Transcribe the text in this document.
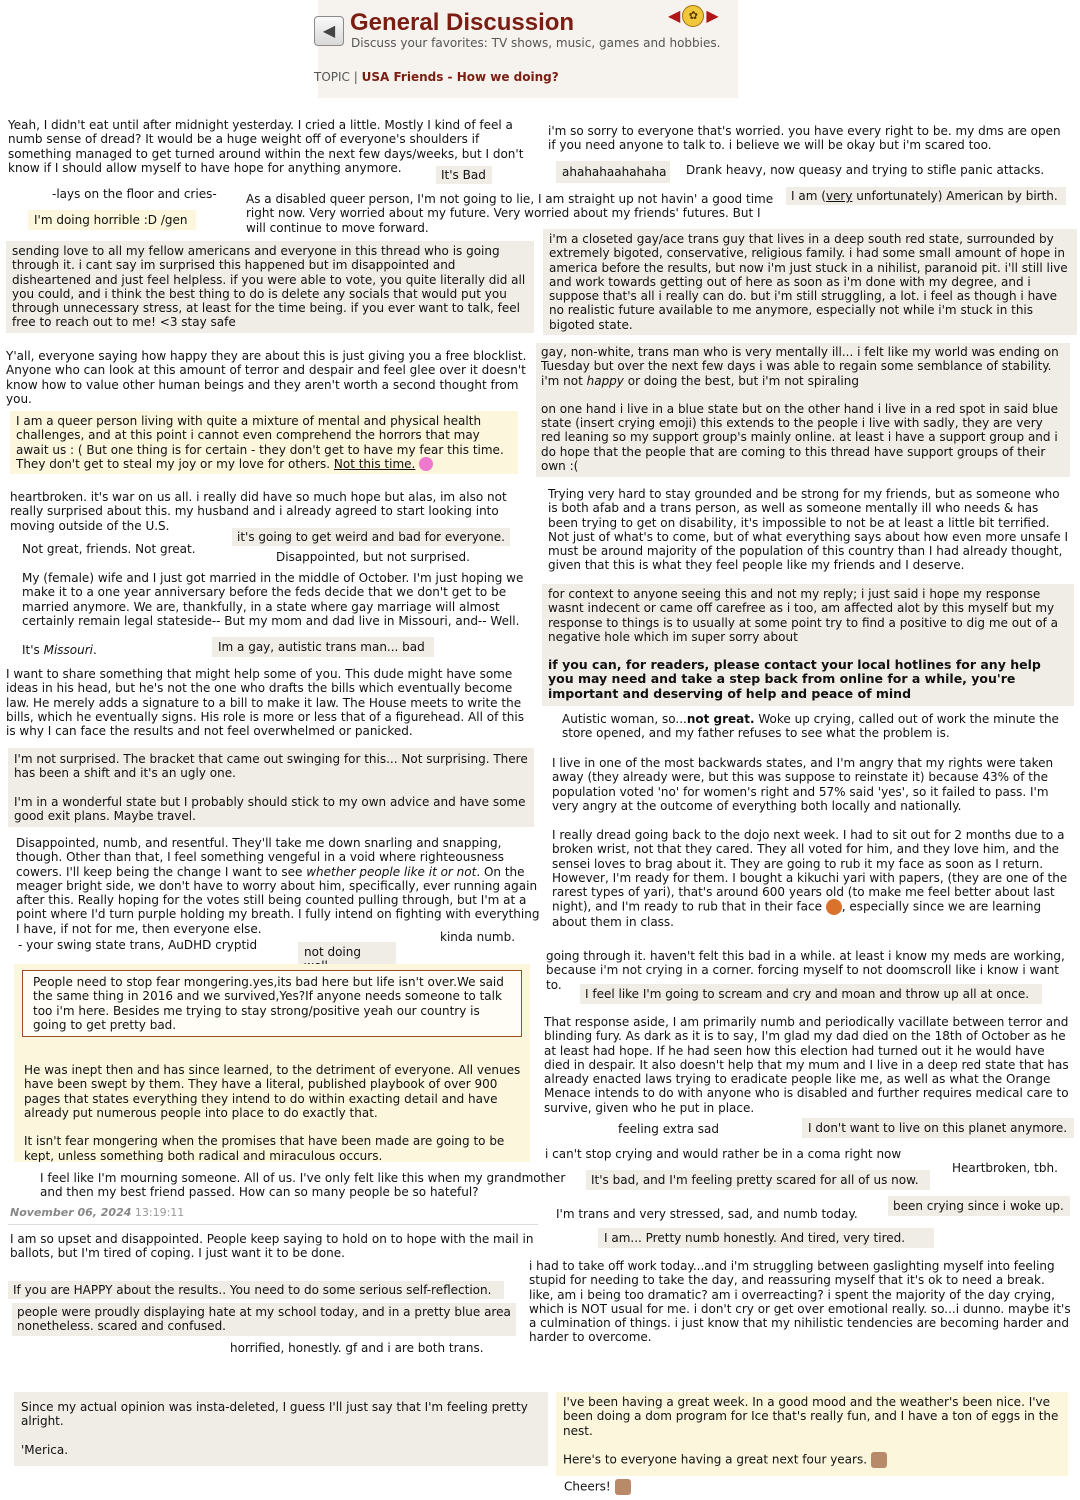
◀ General Discussion
Discuss your favorites: TV shows, music, games and hobbies.
◀ ✿ ▶
TOPIC | USA Friends - How we doing?

Yeah, I didn't eat until after midnight yesterday. I cried a little. Mostly I kind of feel a numb sense of dread? It would be a huge weight off of everyone's shoulders if something managed to get turned around within the next few days/weeks, but I don't know if I should allow myself to have hope for anything anymore.

i'm so sorry to everyone that's worried. you have every right to be. my dms are open if you need anyone to talk to. i believe we will be okay but i'm scared too.

It's Bad	ahahahaahahaha Drank heavy, now queasy and trying to stifle panic attacks.

-lays on the floor and cries-	As a disabled queer person, I'm not going to lie, I am straight up not havin' a good time right now. Very worried about my future. Very worried about my friends' futures. But I will continue to move forward.

I am (very unfortunately) American by birth.

I'm doing horrible :D /gen

sending love to all my fellow americans and everyone in this thread who is going through it. i cant say im surprised this happened but im disappointed and disheartened and just feel helpless. if you were able to vote, you quite literally did all you could, and i think the best thing to do is delete any socials that would put you through unnecessary stress, at least for the time being. if you ever want to talk, feel free to reach out to me! <3 stay safe

i'm a closeted gay/ace trans guy that lives in a deep south red state, surrounded by extremely bigoted, conservative, religious family. i had some small amount of hope in america before the results, but now i'm just stuck in a nihilist, paranoid pit. i'll still live and work towards getting out of here as soon as i'm done with my degree, and i suppose that's all i really can do. but i'm still struggling, a lot. i feel as though i have no realistic future available to me anymore, especially not while i'm stuck in this bigoted state.

Y'all, everyone saying how happy they are about this is just giving you a free blocklist. Anyone who can look at this amount of terror and despair and feel glee over it doesn't know how to value other human beings and they aren't worth a second thought from you.

gay, non-white, trans man who is very mentally ill... i felt like my world was ending on Tuesday but over the next few days i was able to regain some semblance of stability. i'm not happy or doing the best, but i'm not spiraling

on one hand i live in a blue state but on the other hand i live in a red spot in said blue state (insert crying emoji) this extends to the people i live with sadly, they are very red leaning so my support group's mainly online. at least i have a support group and i do hope that the people that are coming to this thread have support groups of their own :(

I am a queer person living with quite a mixture of mental and physical health challenges, and at this point i cannot even comprehend the horrors that may await us : ( But one thing is for certain - they don't get to have my fear this time. They don't get to steal my joy or my love for others. Not this time.

heartbroken. it's war on us all. i really did have so much hope but alas, im also not really surprised about this. my husband and i already agreed to start looking into moving outside of the U.S.

Trying very hard to stay grounded and be strong for my friends, but as someone who is both afab and a trans person, as well as someone mentally ill who needs & has been trying to get on disability, it's impossible to not be at least a little bit terrified. Not just of what's to come, but of what everything says about how even more unsafe I must be around majority of the population of this country than I had already thought, given that this is what they feel people like my friends and I deserve.

it's going to get weird and bad for everyone.

Not great, friends. Not great.

Disappointed, but not surprised.

My (female) wife and I just got married in the middle of October. I'm just hoping we make it to a one year anniversary before the feds decide that we don't get to be married anymore. We are, thankfully, in a state where gay marriage will almost certainly remain legal stateside-- But my mom and dad live in Missouri, and-- Well.

It's Missouri.	Im a gay, autistic trans man... bad

for context to anyone seeing this and not my reply; i just said i hope my response wasnt indecent or came off carefree as i too, am affected alot by this myself but my response to things is to usually at some point try to find a positive to dig me out of a negative hole which im super sorry about

if you can, for readers, please contact your local hotlines for any help you may need and take a step back from online for a while, you're important and deserving of help and peace of mind

I want to share something that might help some of you. This dude might have some ideas in his head, but he's not the one who drafts the bills which eventually become law. He merely adds a signature to a bill to make it law. The House meets to write the bills, which he eventually signs. His role is more or less that of a figurehead. All of this is why I can face the results and not feel overwhelmed or panicked.

Autistic woman, so...not great. Woke up crying, called out of work the minute the store opened, and my father refuses to see what the problem is.

I'm not surprised. The bracket that came out swinging for this... Not surprising. There has been a shift and it's an ugly one.

I'm in a wonderful state but I probably should stick to my own advice and have some good exit plans. Maybe travel.

I live in one of the most backwards states, and I'm angry that my rights were taken away (they already were, but this was suppose to reinstate it) because 43% of the population voted 'no' for women's right and 57% said 'yes', so it failed to pass. I'm very angry at the outcome of everything both locally and nationally.

Disappointed, numb, and resentful. They'll take me down snarling and snapping, though. Other than that, I feel something vengeful in a void where righteousness cowers. I'll keep being the change I want to see whether people like it or not. On the meager bright side, we don't have to worry about him, specifically, ever running again after this. Really hoping for the votes still being counted pulling through, but I'm at a point where I'd turn purple holding my breath. I fully intend on fighting with everything I have, if not for me, then everyone else.

- your swing state trans, AuDHD cryptid

I really dread going back to the dojo next week. I had to sit out for 2 months due to a broken wrist, not that they cared. They all voted for him, and they love him, and the sensei loves to brag about it. They are going to rub it my face as soon as I return. However, I'm ready for them. I bought a kikuchi yari with papers, (they are one of the rarest types of yari), that's around 600 years old (to make me feel better about last night), and I'm ready to rub that in their face , especially since we are learning about them in class.

kinda numb.

not doing	going through it. haven't felt this bad in a while. at least i know my meds are working, because i'm not crying in a corner. forcing myself to not doomscroll like i know i want to.

People need to stop fear mongering.yes,its bad here but life isn't over.We said the same thing in 2016 and we survived,Yes?If anyone needs someone to talk too i'm here. Besides me trying to stay strong/positive yeah our country is going to get pretty bad.

He was inept then and has since learned, to the detriment of everyone. All venues have been swept by them. They have a literal, published playbook of over 900 pages that states everything they intend to do within exacting detail and have already put numerous people into place to do exactly that.

It isn't fear mongering when the promises that have been made are going to be kept, unless something both radical and miraculous occurs.

I feel like I'm going to scream and cry and moan and throw up all at once.

That response aside, I am primarily numb and periodically vacillate between terror and blinding fury. As dark as it is to say, I'm glad my dad died on the 18th of October as he at least had hope. If he had seen how this election had turned out it he would have died in despair. It also doesn't help that my mum and I live in a deep red state that has already enacted laws trying to eradicate people like me, as well as what the Orange Menace intends to do with anyone who is disabled and further requires medical care to survive, given who he put in place.

feeling extra sad	I don't want to live on this planet anymore.

i can't stop crying and would rather be in a coma right now

Heartbroken, tbh.

I feel like I'm mourning someone. All of us. I've only felt like this when my grandmother and then my best friend passed. How can so many people be so hateful?

It's bad, and I'm feeling pretty scared for all of us now.

been crying since i woke up.

November 06, 2024 13:19:11	I'm trans and very stressed, sad, and numb today.

I am so upset and disappointed. People keep saying to hold on to hope with the mail in ballots, but I'm tired of coping. I just want it to be done.

I am... Pretty numb honestly. And tired, very tired.

i had to take off work today...and i'm struggling between gaslighting myself into feeling stupid for needing to take the day, and reassuring myself that it's ok to need a break. like, am i being too dramatic? am i overreacting? i spent the majority of the day crying, which is NOT usual for me. i don't cry or get over emotional really. so...i dunno. maybe it's a culmination of things. i just know that my nihilistic tendencies are becoming harder and harder to overcome.

If you are HAPPY about the results.. You need to do some serious self-reflection.

people were proudly displaying hate at my school today, and in a pretty blue area nonetheless. scared and confused.

horrified, honestly. gf and i are both trans.

Since my actual opinion was insta-deleted, I guess I'll just say that I'm feeling pretty alright.

'Merica.

I've been having a great week. In a good mood and the weather's been nice. I've been doing a dom program for Ice that's really fun, and I have a ton of eggs in the nest.

Here's to everyone having a great next four years.

Cheers!
